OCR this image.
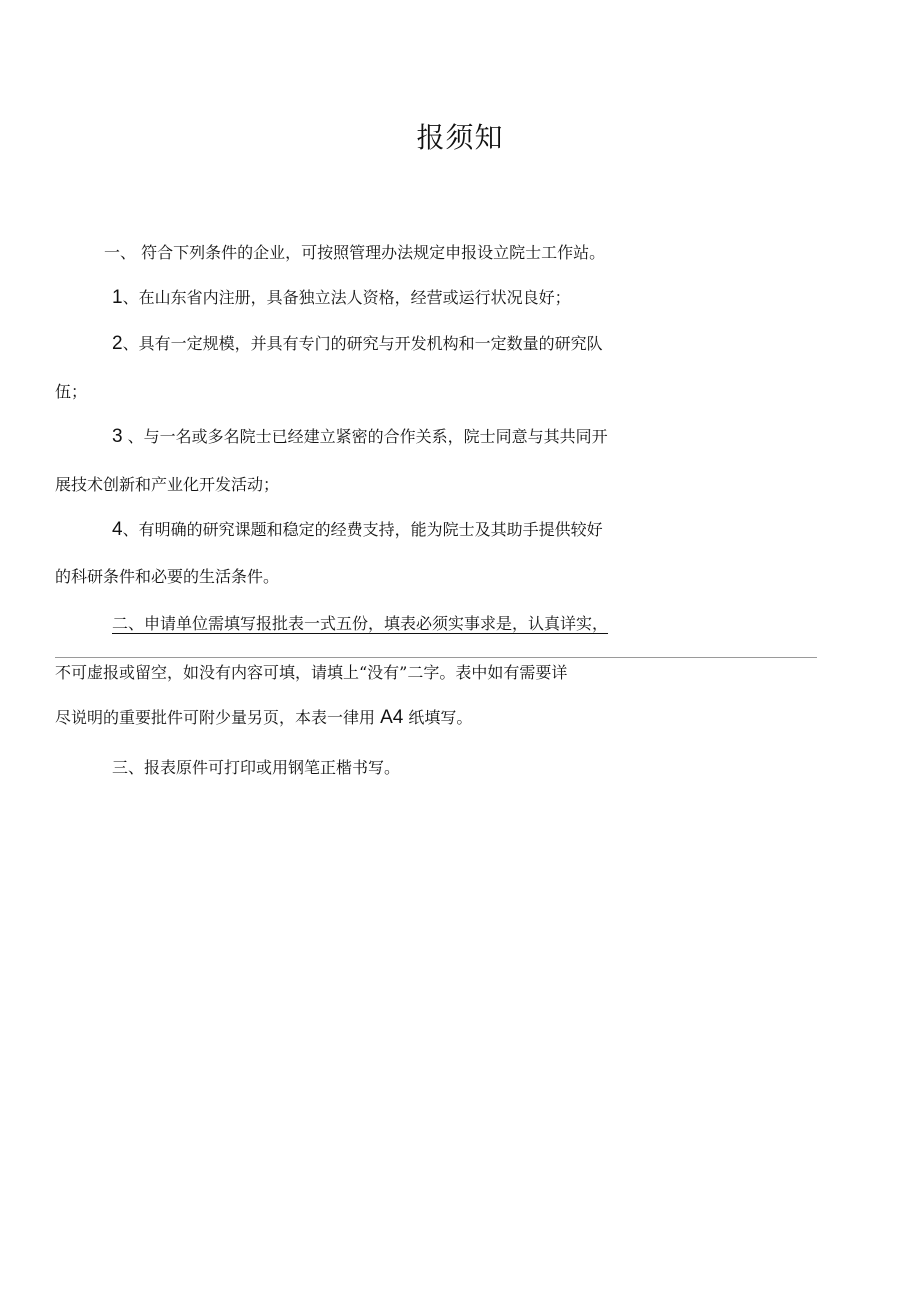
报须知
一、 符合下列条件的企业，可按照管理办法规定申报设立院士工作站。
1、在山东省内注册，具备独立法人资格，经营或运行状况良好；
2、具有一定规模，并具有专门的研究与开发机构和一定数量的研究队
伍；
3 、与一名或多名院士已经建立紧密的合作关系，院士同意与其共同开
展技术创新和产业化开发活动；
4、有明确的研究课题和稳定的经费支持，能为院士及其助手提供较好
的科研条件和必要的生活条件。
二、申请单位需填写报批表一式五份，填表必须实事求是，认真详实，
不可虚报或留空，如没有内容可填，请填上“没有”二字。表中如有需要详
尽说明的重要批件可附少量另页，本表一律用 A4 纸填写。
三、报表原件可打印或用钢笔正楷书写。
